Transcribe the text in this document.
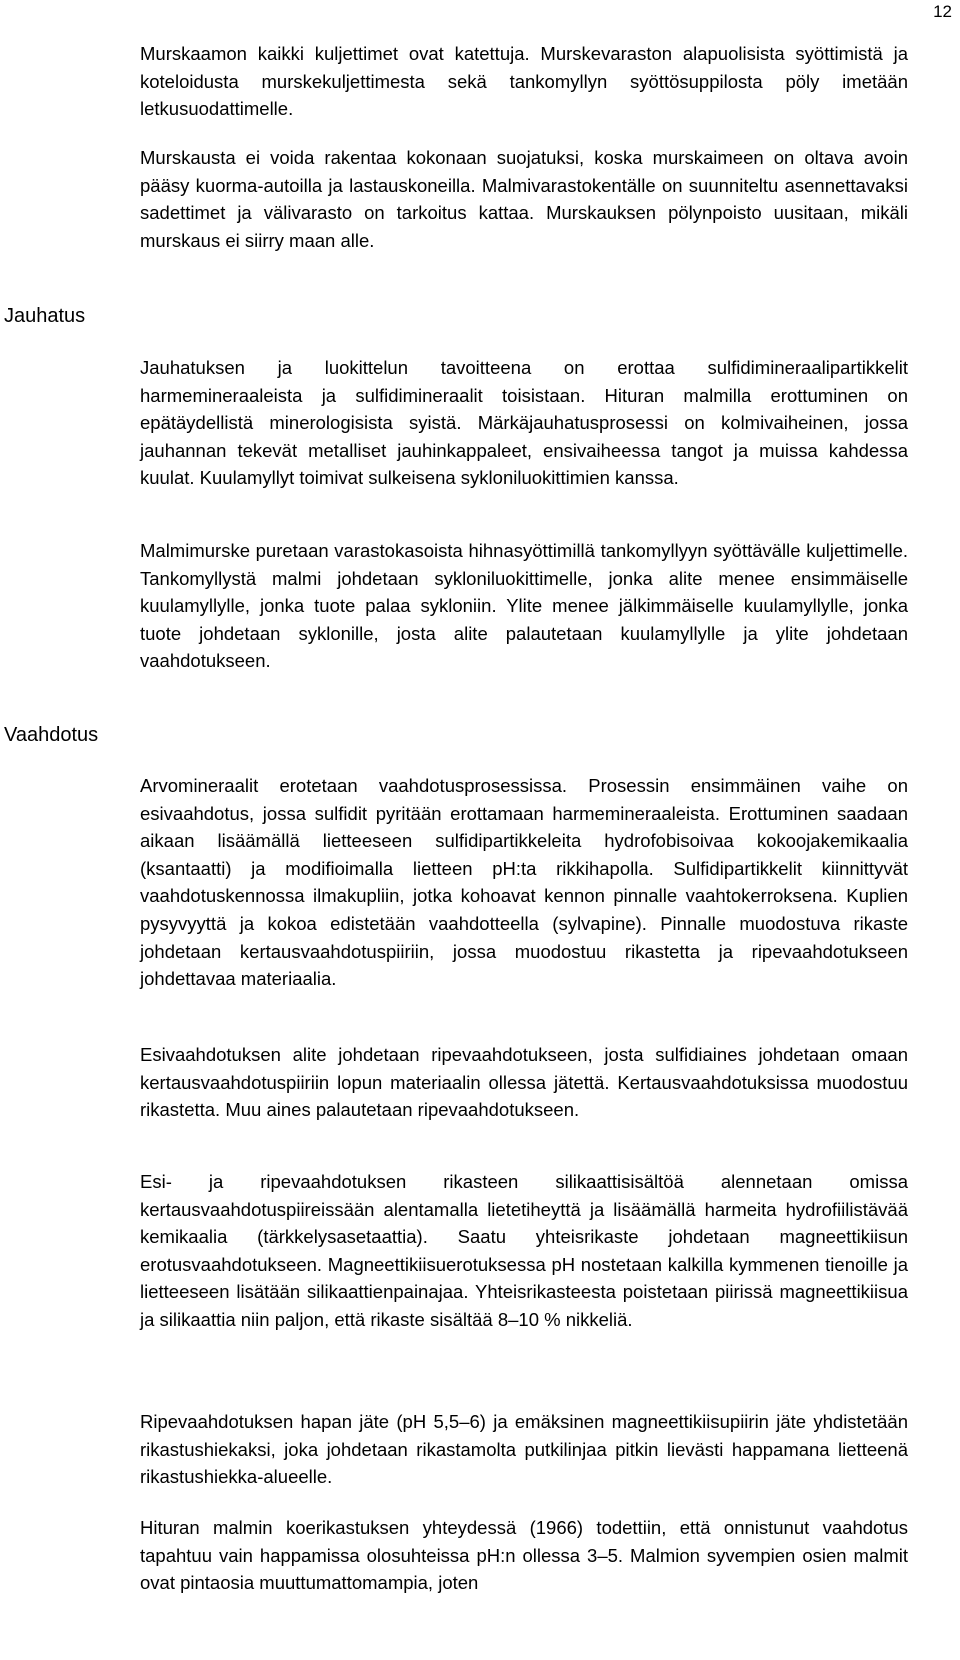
12

Murskaamon kaikki kuljettimet ovat katettuja. Murskevaraston alapuolisista syöttimistä ja koteloidusta murskekuljettimesta sekä tankomyllyn syöttösuppilosta pöly imetään letkusuodattimelle.

Murskausta ei voida rakentaa kokonaan suojatuksi, koska murskaimeen on oltava avoin pääsy kuorma-autoilla ja lastauskoneilla. Malmivarastokentälle on suunniteltu asennettavaksi sadettimet ja välivarasto on tarkoitus kattaa. Murskauksen pölynpoisto uusitaan, mikäli murskaus ei siirry maan alle.

Jauhatus

Jauhatuksen ja luokittelun tavoitteena on erottaa sulfidimineraalipartikkelit harmemineraaleista ja sulfidimineraalit toisistaan. Hituran malmilla erottuminen on epätäydellistä minerologisista syistä. Märkäjauhatusprosessi on kolmivaiheinen, jossa jauhannan tekevät metalliset jauhinkappaleet, ensivaiheessa tangot ja muissa kahdessa kuulat. Kuulamyllyt toimivat sulkeisena sykloniluokittimien kanssa.

Malmimurske puretaan varastokasoista hihnasyöttimillä tankomyllyyn syöttävälle kuljettimelle. Tankomyllystä malmi johdetaan sykloniluokittimelle, jonka alite menee ensimmäiselle kuulamyllylle, jonka tuote palaa sykloniin. Ylite menee jälkimmäiselle kuulamyllylle, jonka tuote johdetaan syklonille, josta alite palautetaan kuulamyllylle ja ylite johdetaan vaahdotukseen.

Vaahdotus

Arvomineraalit erotetaan vaahdotusprosessissa. Prosessin ensimmäinen vaihe on esivaahdotus, jossa sulfidit pyritään erottamaan harmemineraaleista. Erottuminen saadaan aikaan lisäämällä lietteeseen sulfidipartikkeleita hydrofobisoivaa kokoojakemikaalia (ksantaatti) ja modifioimalla lietteen pH:ta rikkihapolla. Sulfidipartikkelit kiinnittyvät vaahdotuskennossa ilmakupliin, jotka kohoavat kennon pinnalle vaahtokerroksena. Kuplien pysyvyyttä ja kokoa edistetään vaahdotteella (sylvapine). Pinnalle muodostuva rikaste johdetaan kertausvaahdotuspiiriin, jossa muodostuu rikastetta ja ripevaahdotukseen johdettavaa materiaalia.

Esivaahdotuksen alite johdetaan ripevaahdotukseen, josta sulfidiaines johdetaan omaan kertausvaahdotuspiiriin lopun materiaalin ollessa jätettä. Kertausvaahdotuksissa muodostuu rikastetta. Muu aines palautetaan ripevaahdotukseen.

Esi- ja ripevaahdotuksen rikasteen silikaattisisältöä alennetaan omissa kertausvaahdotuspiireissään alentamalla lietetiheyttä ja lisäämällä harmeita hydrofiilistävää kemikaalia (tärkkelysasetaattia). Saatu yhteisrikaste johdetaan magneettikiisun erotusvaahdotukseen. Magneettikiisuerotuksessa pH nostetaan kalkilla kymmenen tienoille ja lietteeseen lisätään silikaattienpainajaa. Yhteisrikasteesta poistetaan piirissä magneettikiisua ja silikaattia niin paljon, että rikaste sisältää 8–10 % nikkeliä.

Ripevaahdotuksen hapan jäte (pH 5,5–6) ja emäksinen magneettikiisupiirin jäte yhdistetään rikastushiekaksi, joka johdetaan rikastamolta putkilinjaa pitkin lievästi happamana lietteenä rikastushiekka-alueelle.

Hituran malmin koerikastuksen yhteydessä (1966) todettiin, että onnistunut vaahdotus tapahtuu vain happamissa olosuhteissa pH:n ollessa 3–5. Malmion syvempien osien malmit ovat pintaosia muuttumattomampia, joten
